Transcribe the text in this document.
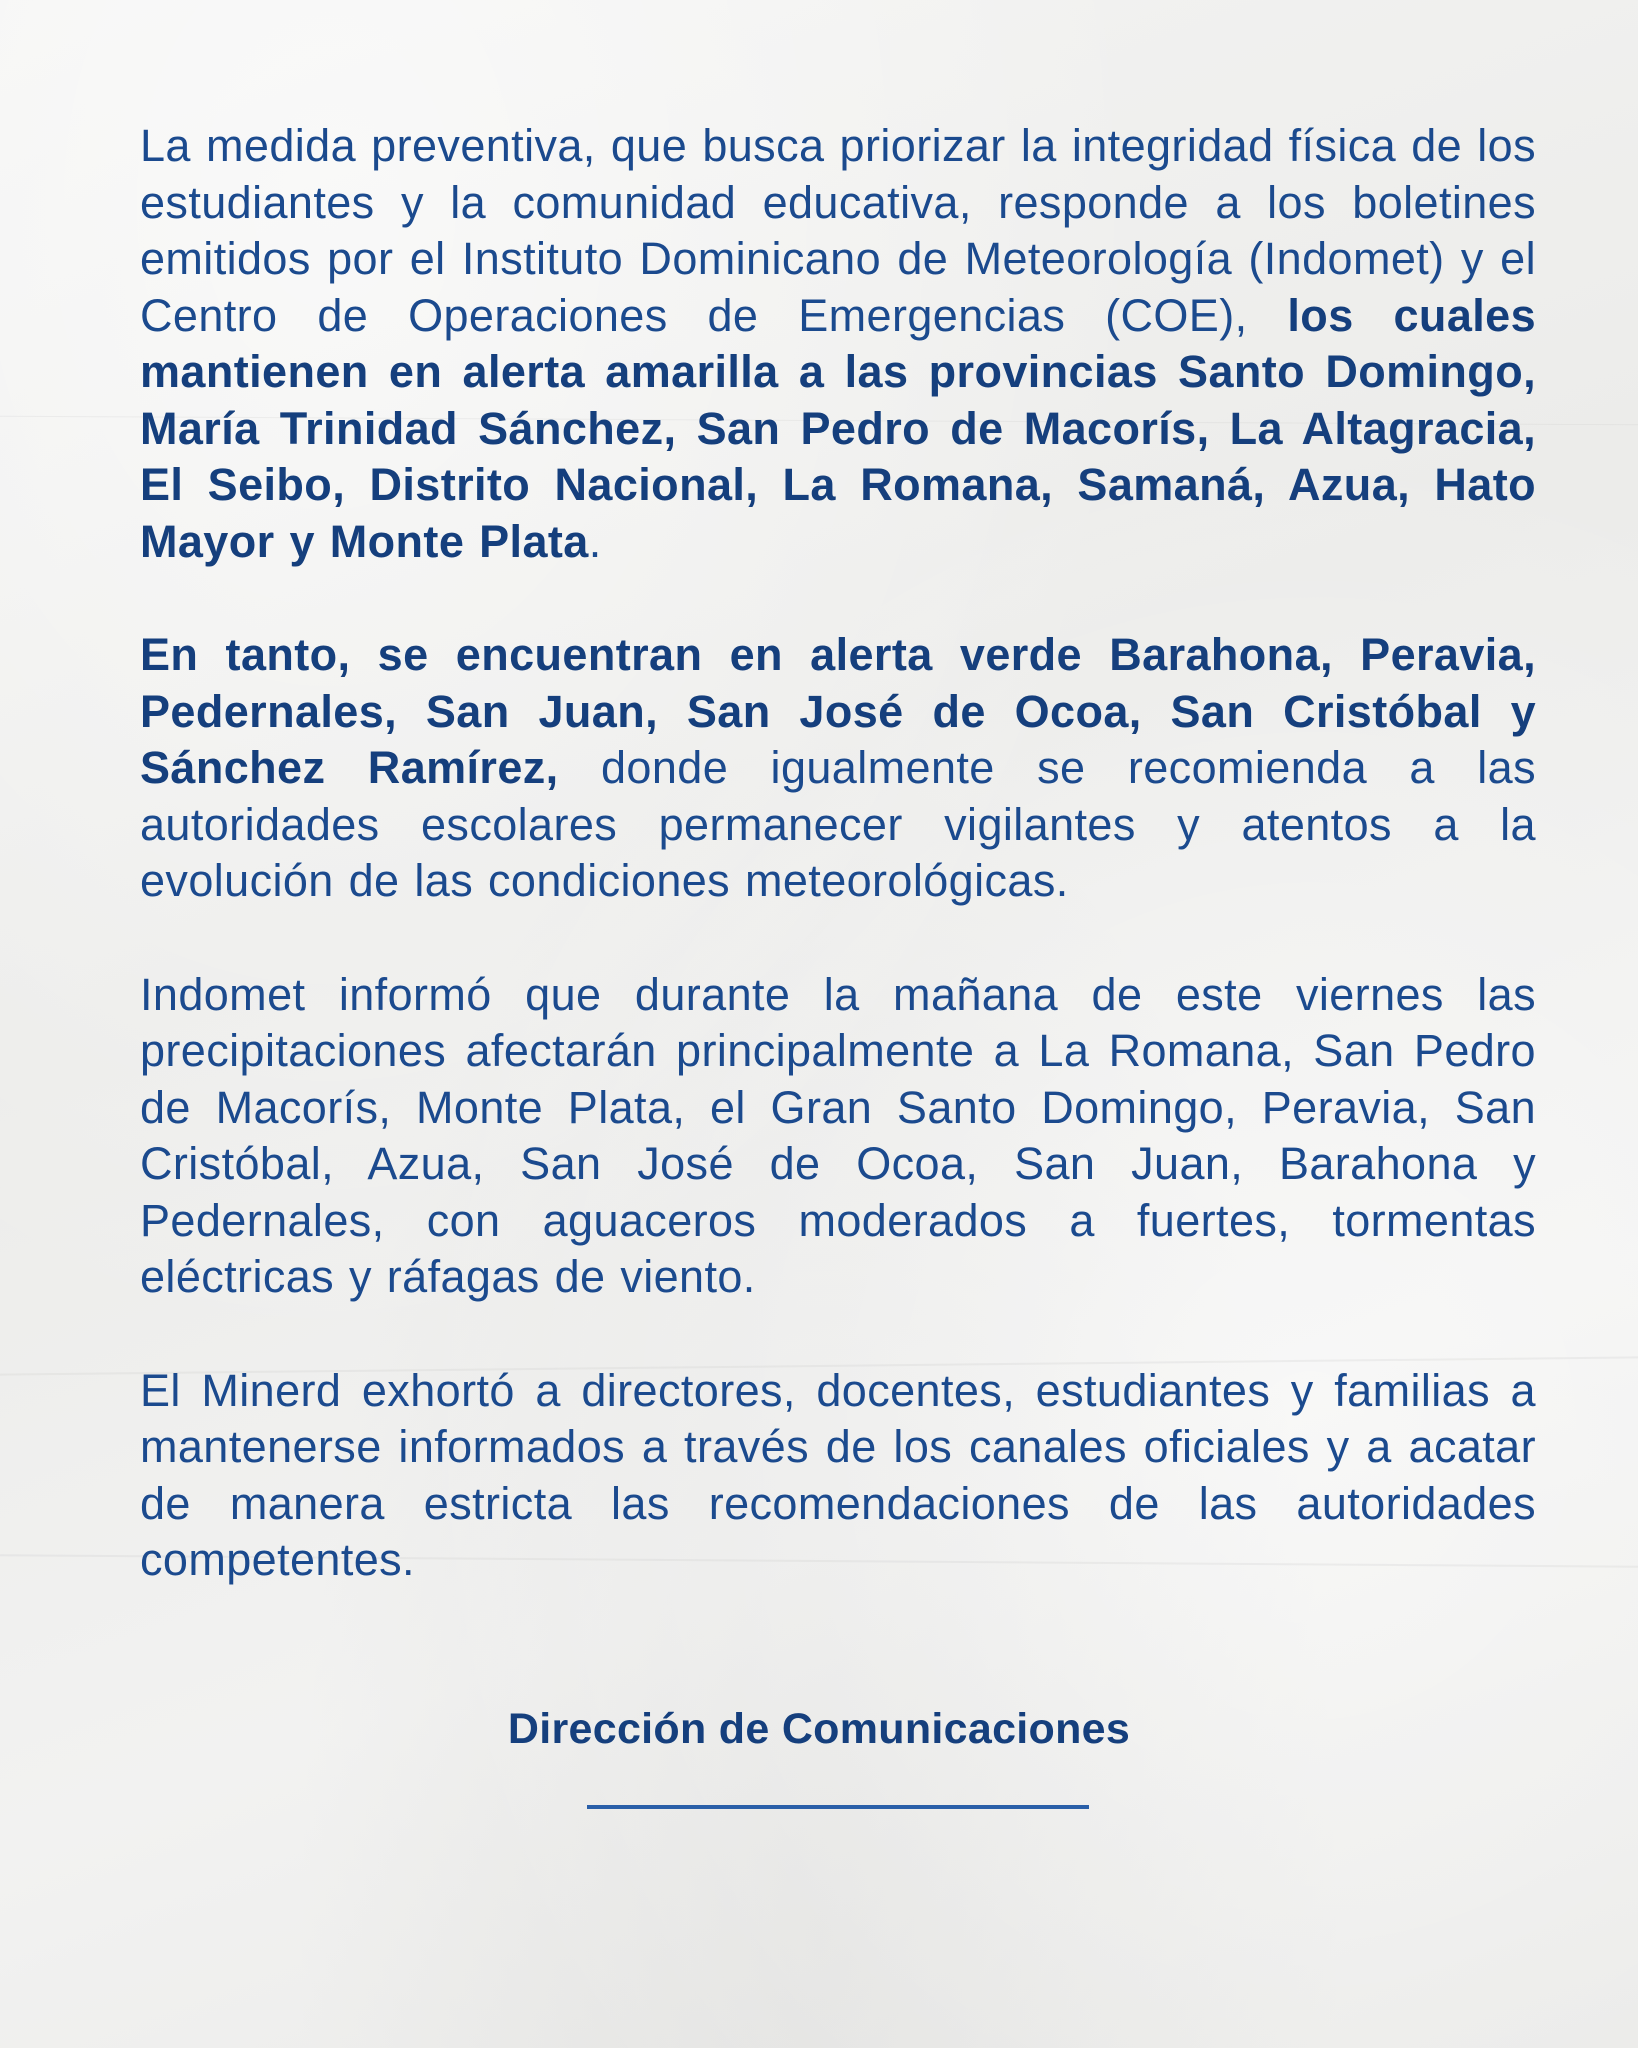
La medida preventiva, que busca priorizar la integridad física de los estudiantes y la comunidad educativa, responde a los boletines emitidos por el Instituto Dominicano de Meteorología (Indomet) y el Centro de Operaciones de Emergencias (COE), los cuales mantienen en alerta amarilla a las provincias Santo Domingo, María Trinidad Sánchez, San Pedro de Macorís, La Altagracia, El Seibo, Distrito Nacional, La Romana, Samaná, Azua, Hato Mayor y Monte Plata.

En tanto, se encuentran en alerta verde Barahona, Peravia, Pedernales, San Juan, San José de Ocoa, San Cristóbal y Sánchez Ramírez, donde igualmente se recomienda a las autoridades escolares permanecer vigilantes y atentos a la evolución de las condiciones meteorológicas.

Indomet informó que durante la mañana de este viernes las precipitaciones afectarán principalmente a La Romana, San Pedro de Macorís, Monte Plata, el Gran Santo Domingo, Peravia, San Cristóbal, Azua, San José de Ocoa, San Juan, Barahona y Pedernales, con aguaceros moderados a fuertes, tormentas eléctricas y ráfagas de viento.

El Minerd exhortó a directores, docentes, estudiantes y familias a mantenerse informados a través de los canales oficiales y a acatar de manera estricta las recomendaciones de las autoridades competentes.

Dirección de Comunicaciones
